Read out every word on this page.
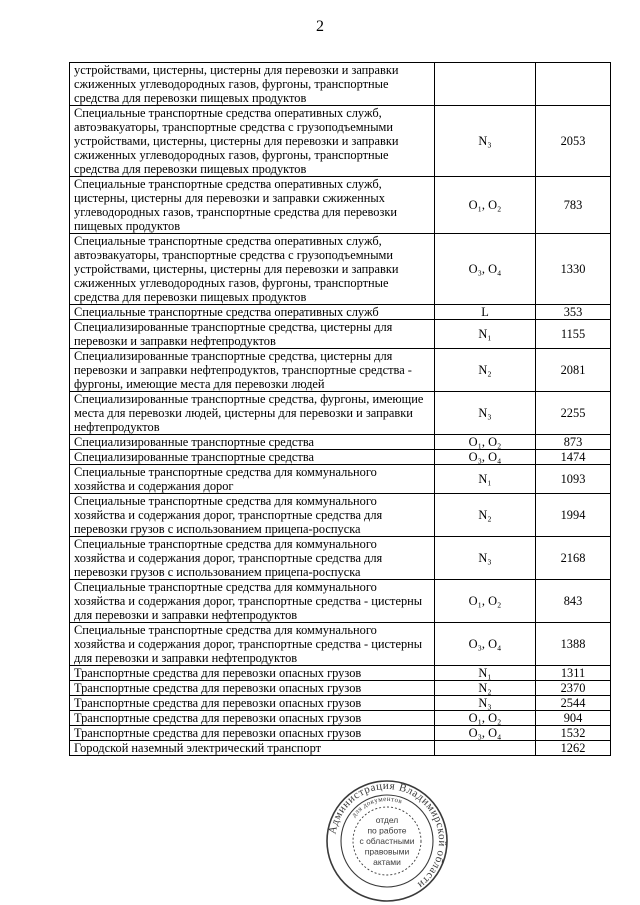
2
устройствами, цистерны, цистерны для перевозки и заправки сжиженных углеводородных газов, фургоны, транспортные средства для перевозки пищевых продуктов		
Специальные транспортные средства оперативных служб, автоэвакуаторы, транспортные средства с грузоподъемными устройствами, цистерны, цистерны для перевозки и заправки сжиженных углеводородных газов, фургоны, транспортные средства для перевозки пищевых продуктов	N₃	2053
Специальные транспортные средства оперативных служб, цистерны, цистерны для перевозки и заправки сжиженных углеводородных газов, транспортные средства для перевозки пищевых продуктов	O₁, O₂	783
Специальные транспортные средства оперативных служб, автоэвакуаторы, транспортные средства с грузоподъемными устройствами, цистерны, цистерны для перевозки и заправки сжиженных углеводородных газов, фургоны, транспортные средства для перевозки пищевых продуктов	O₃, O₄	1330
Специальные транспортные средства оперативных служб	L	353
Специализированные транспортные средства, цистерны для перевозки и заправки нефтепродуктов	N₁	1155
Специализированные транспортные средства, цистерны для перевозки и заправки нефтепродуктов, транспортные средства - фургоны, имеющие места для перевозки людей	N₂	2081
Специализированные транспортные средства, фургоны, имеющие места для перевозки людей, цистерны для перевозки и заправки нефтепродуктов	N₃	2255
Специализированные транспортные средства	O₁, O₂	873
Специализированные транспортные средства	O₃, O₄	1474
Специальные транспортные средства для коммунального хозяйства и содержания дорог	N₁	1093
Специальные транспортные средства для коммунального хозяйства и содержания дорог, транспортные средства для перевозки грузов с использованием прицепа-роспуска	N₂	1994
Специальные транспортные средства для коммунального хозяйства и содержания дорог, транспортные средства для перевозки грузов с использованием прицепа-роспуска	N₃	2168
Специальные транспортные средства для коммунального хозяйства и содержания дорог, транспортные средства - цистерны для перевозки и заправки нефтепродуктов	O₁, O₂	843
Специальные транспортные средства для коммунального хозяйства и содержания дорог, транспортные средства - цистерны для перевозки и заправки нефтепродуктов	O₃, O₄	1388
Транспортные средства для перевозки опасных грузов	N₁	1311
Транспортные средства для перевозки опасных грузов	N₂	2370
Транспортные средства для перевозки опасных грузов	N₃	2544
Транспортные средства для перевозки опасных грузов	O₁, O₂	904
Транспортные средства для перевозки опасных грузов	O₃, O₄	1532
Городской наземный электрический транспорт		1262
Администрация Владимирской области
для документов
отдел
по работе
с областными
правовыми
актами
